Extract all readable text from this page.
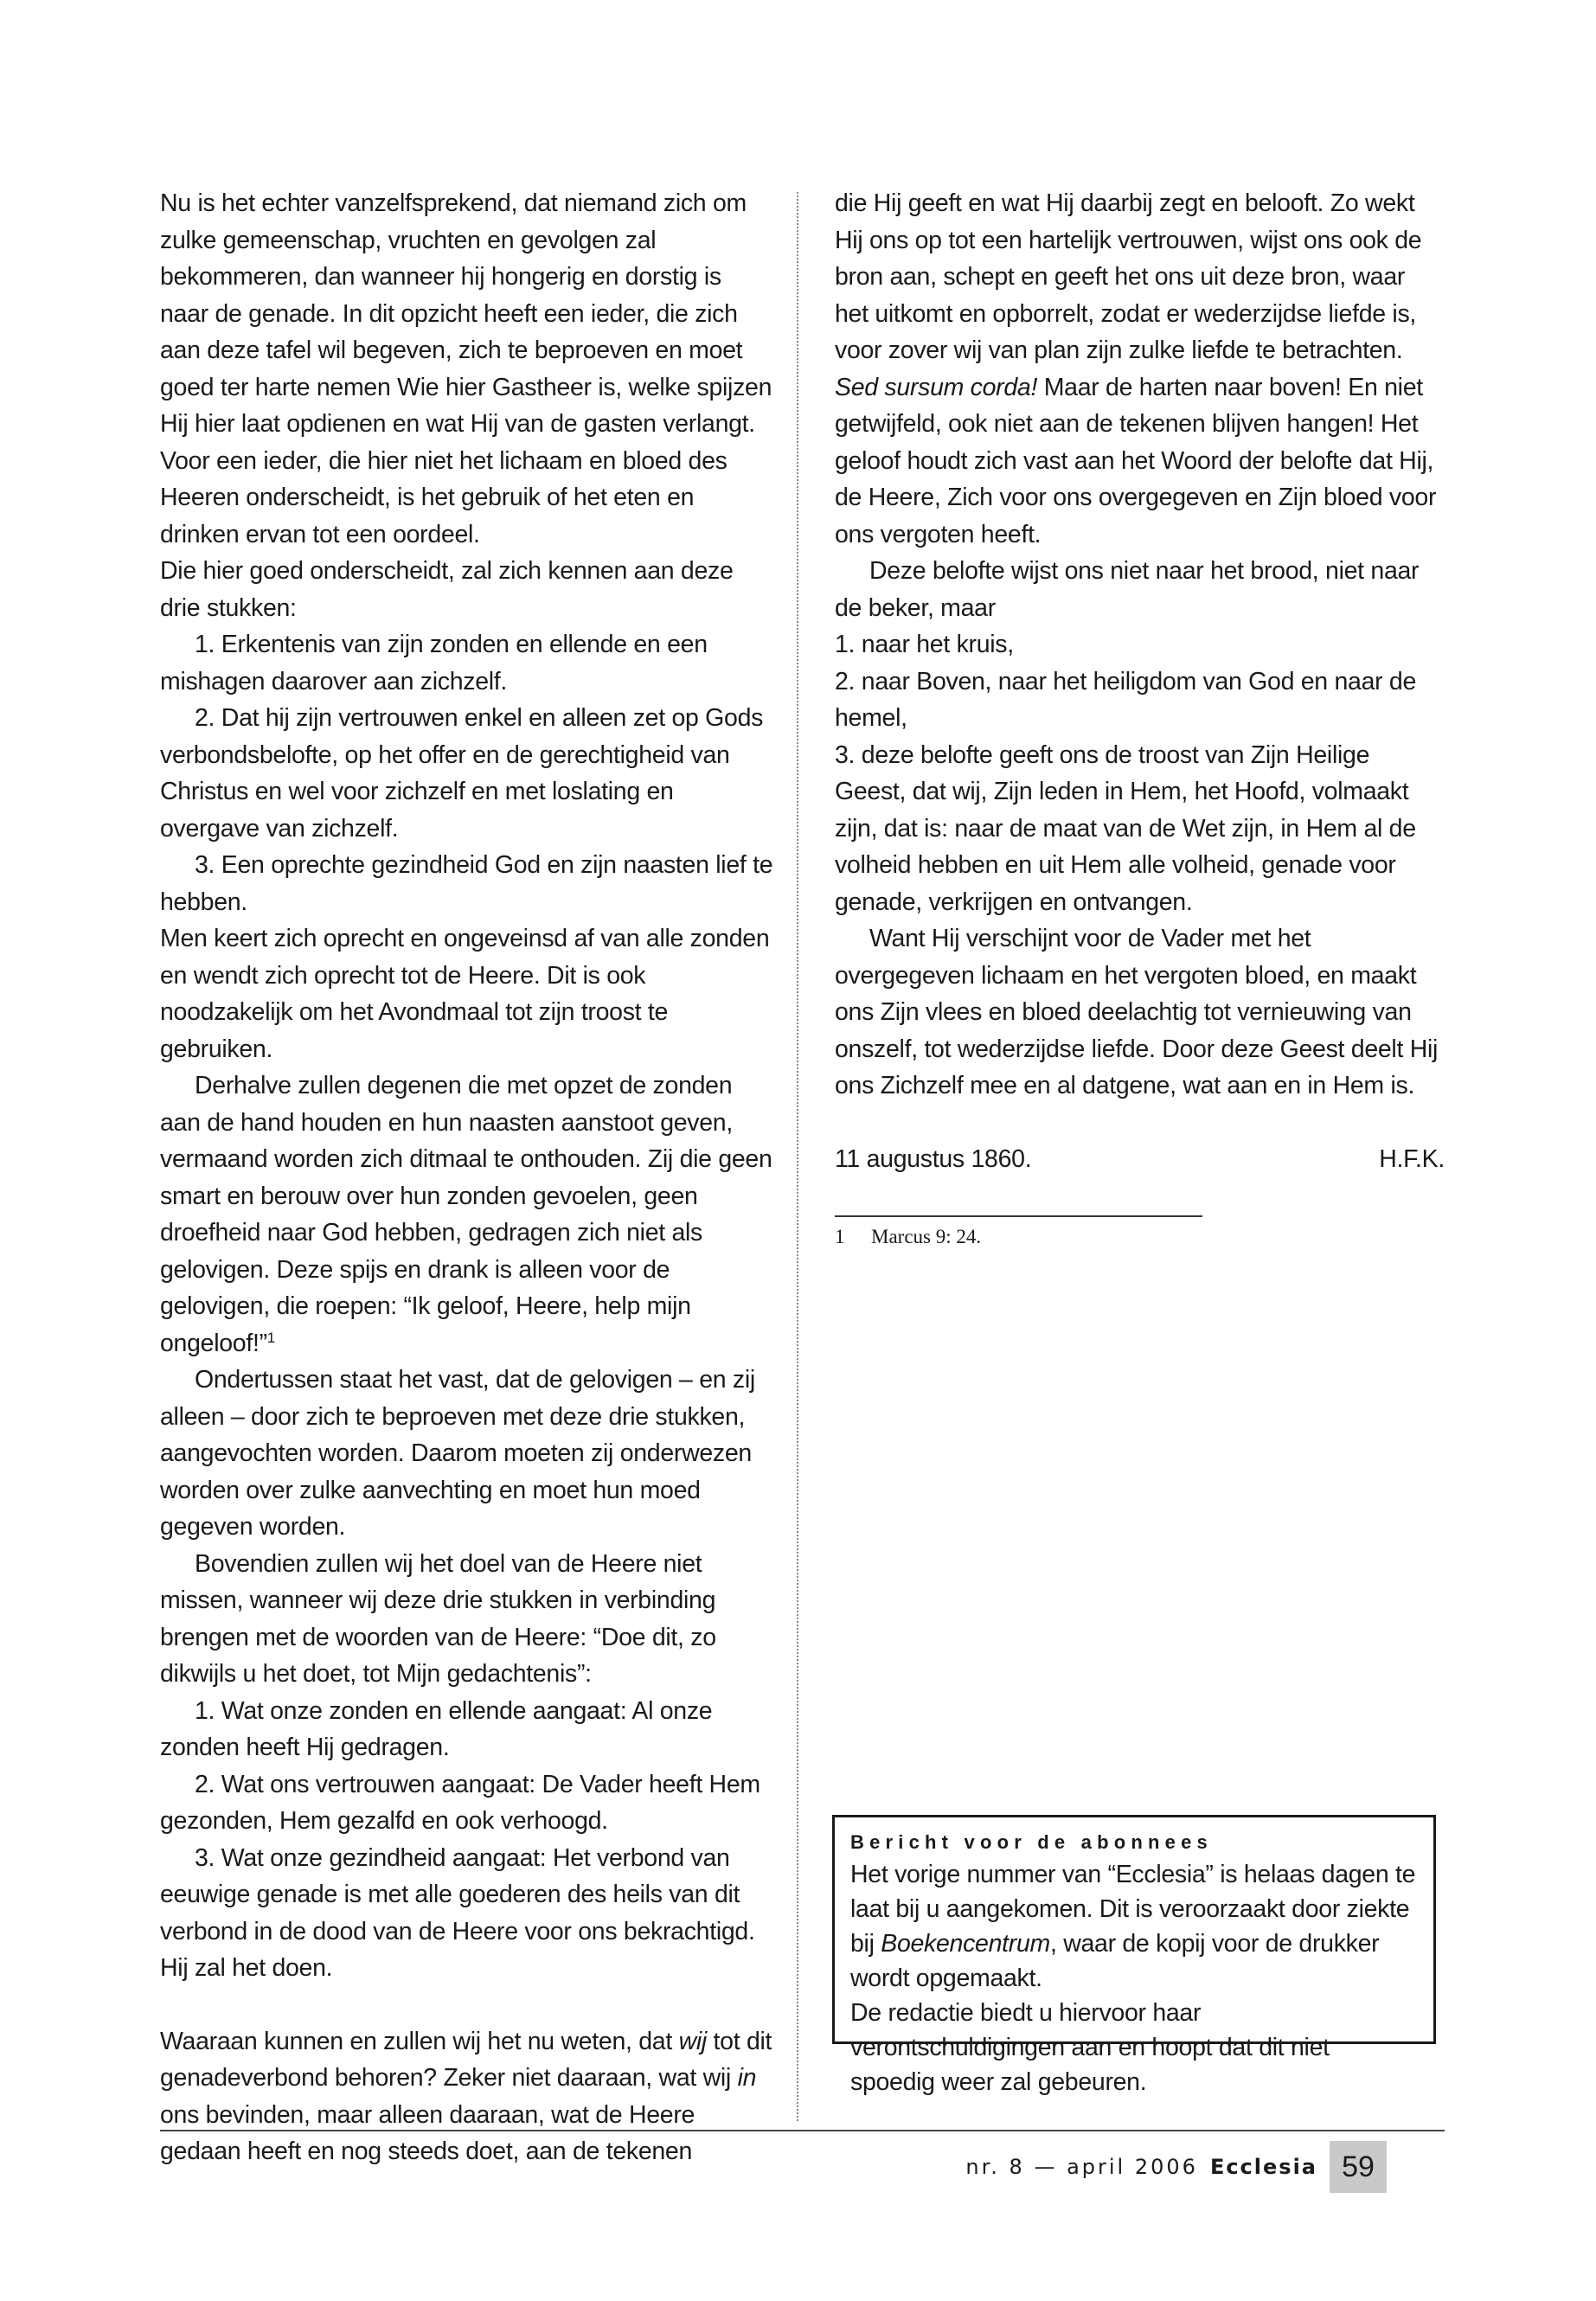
Nu is het echter vanzelfsprekend, dat niemand zich om zulke gemeenschap, vruchten en gevolgen zal bekommeren, dan wanneer hij hongerig en dorstig is naar de genade. In dit opzicht heeft een ieder, die zich aan deze tafel wil begeven, zich te beproeven en moet goed ter harte nemen Wie hier Gastheer is, welke spijzen Hij hier laat opdienen en wat Hij van de gasten verlangt. Voor een ieder, die hier niet het lichaam en bloed des Heeren onderscheidt, is het gebruik of het eten en drinken ervan tot een oordeel.

Die hier goed onderscheidt, zal zich kennen aan deze drie stukken:

1. Erkentenis van zijn zonden en ellende en een mishagen daarover aan zichzelf.

2. Dat hij zijn vertrouwen enkel en alleen zet op Gods verbondsbelofte, op het offer en de gerechtigheid van Christus en wel voor zichzelf en met loslating en overgave van zichzelf.

3. Een oprechte gezindheid God en zijn naasten lief te hebben.

Men keert zich oprecht en ongeveinsd af van alle zonden en wendt zich oprecht tot de Heere. Dit is ook noodzakelijk om het Avondmaal tot zijn troost te gebruiken.

Derhalve zullen degenen die met opzet de zonden aan de hand houden en hun naasten aanstoot geven, vermaand worden zich ditmaal te onthouden. Zij die geen smart en berouw over hun zonden gevoelen, geen droefheid naar God hebben, gedragen zich niet als gelovigen. Deze spijs en drank is alleen voor de gelovigen, die roepen: “Ik geloof, Heere, help mijn ongeloof!”$^1$

Ondertussen staat het vast, dat de gelovigen – en zij alleen – door zich te beproeven met deze drie stukken, aangevochten worden. Daarom moeten zij onderwezen worden over zulke aanvechting en moet hun moed gegeven worden.

Bovendien zullen wij het doel van de Heere niet missen, wanneer wij deze drie stukken in verbinding brengen met de woorden van de Heere: “Doe dit, zo dikwijls u het doet, tot Mijn gedachtenis”:

1. Wat onze zonden en ellende aangaat: Al onze zonden heeft Hij gedragen.

2. Wat ons vertrouwen aangaat: De Vader heeft Hem gezonden, Hem gezalfd en ook verhoogd.

3. Wat onze gezindheid aangaat: Het verbond van eeuwige genade is met alle goederen des heils van dit verbond in de dood van de Heere voor ons bekrachtigd. Hij zal het doen.

Waaraan kunnen en zullen wij het nu weten, dat wij tot dit genadeverbond behoren? Zeker niet daaraan, wat wij in ons bevinden, maar alleen daaraan, wat de Heere gedaan heeft en nog steeds doet, aan de tekenen

die Hij geeft en wat Hij daarbij zegt en belooft. Zo wekt Hij ons op tot een hartelijk vertrouwen, wijst ons ook de bron aan, schept en geeft het ons uit deze bron, waar het uitkomt en opborrelt, zodat er wederzijdse liefde is, voor zover wij van plan zijn zulke liefde te betrachten. Sed sursum corda! Maar de harten naar boven! En niet getwijfeld, ook niet aan de tekenen blijven hangen! Het geloof houdt zich vast aan het Woord der belofte dat Hij, de Heere, Zich voor ons overgegeven en Zijn bloed voor ons vergoten heeft.

Deze belofte wijst ons niet naar het brood, niet naar de beker, maar

1. naar het kruis,

2. naar Boven, naar het heiligdom van God en naar de hemel,

3. deze belofte geeft ons de troost van Zijn Heilige Geest, dat wij, Zijn leden in Hem, het Hoofd, volmaakt zijn, dat is: naar de maat van de Wet zijn, in Hem al de volheid hebben en uit Hem alle volheid, genade voor genade, verkrijgen en ontvangen.

Want Hij verschijnt voor de Vader met het overgegeven lichaam en het vergoten bloed, en maakt ons Zijn vlees en bloed deelachtig tot vernieuwing van onszelf, tot wederzijdse liefde. Door deze Geest deelt Hij ons Zichzelf mee en al datgene, wat aan en in Hem is.

11 augustus 1860.	H.F.K.

1 Marcus 9: 24.
Bericht voor de abonnees

Het vorige nummer van “Ecclesia” is helaas dagen te laat bij u aangekomen. Dit is veroorzaakt door ziekte bij Boekencentrum, waar de kopij voor de drukker wordt opgemaakt.

De redactie biedt u hiervoor haar verontschuldigingen aan en hoopt dat dit niet spoedig weer zal gebeuren.

nr. 8 — april 2006 Ecclesia 59
